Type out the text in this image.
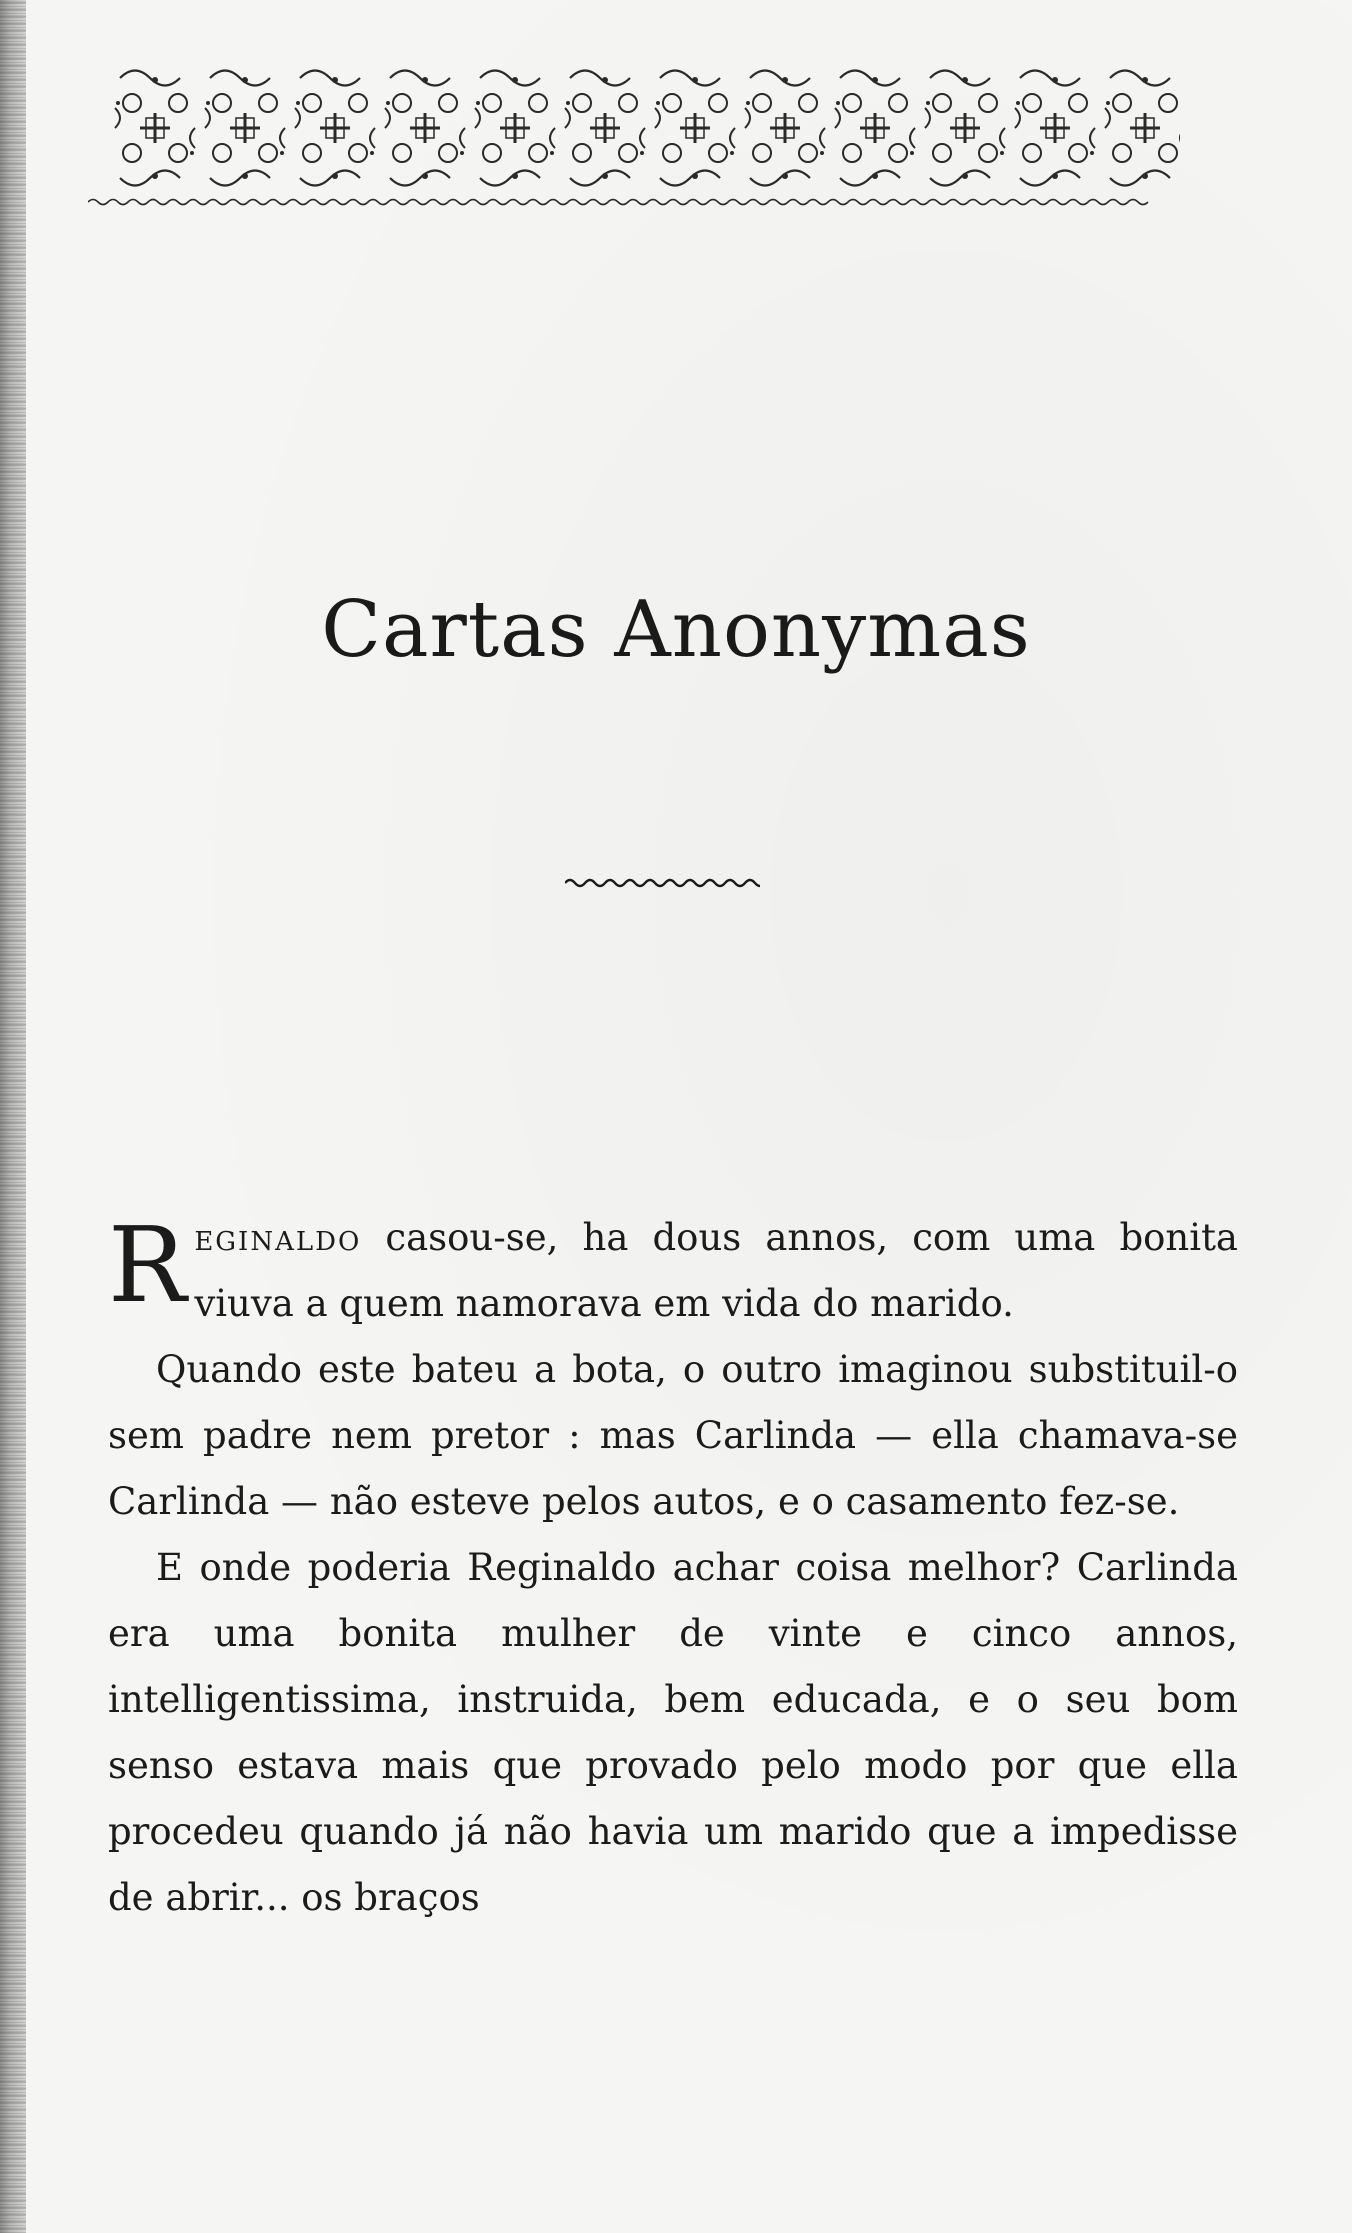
Cartas Anonymas

Reginaldo casou-se, ha dous annos, com uma bonita viuva a quem namorava em vida do marido.

Quando este bateu a bota, o outro imaginou substituil-o sem padre nem pretor : mas Carlinda — ella chamava-se Carlinda — não esteve pelos autos, e o casamento fez-se.

E onde poderia Reginaldo achar coisa melhor? Carlinda era uma bonita mulher de vinte e cinco annos, intelligentissima, instruida, bem educada, e o seu bom senso estava mais que provado pelo modo por que ella procedeu quando já não havia um marido que a impedisse de abrir... os braços
